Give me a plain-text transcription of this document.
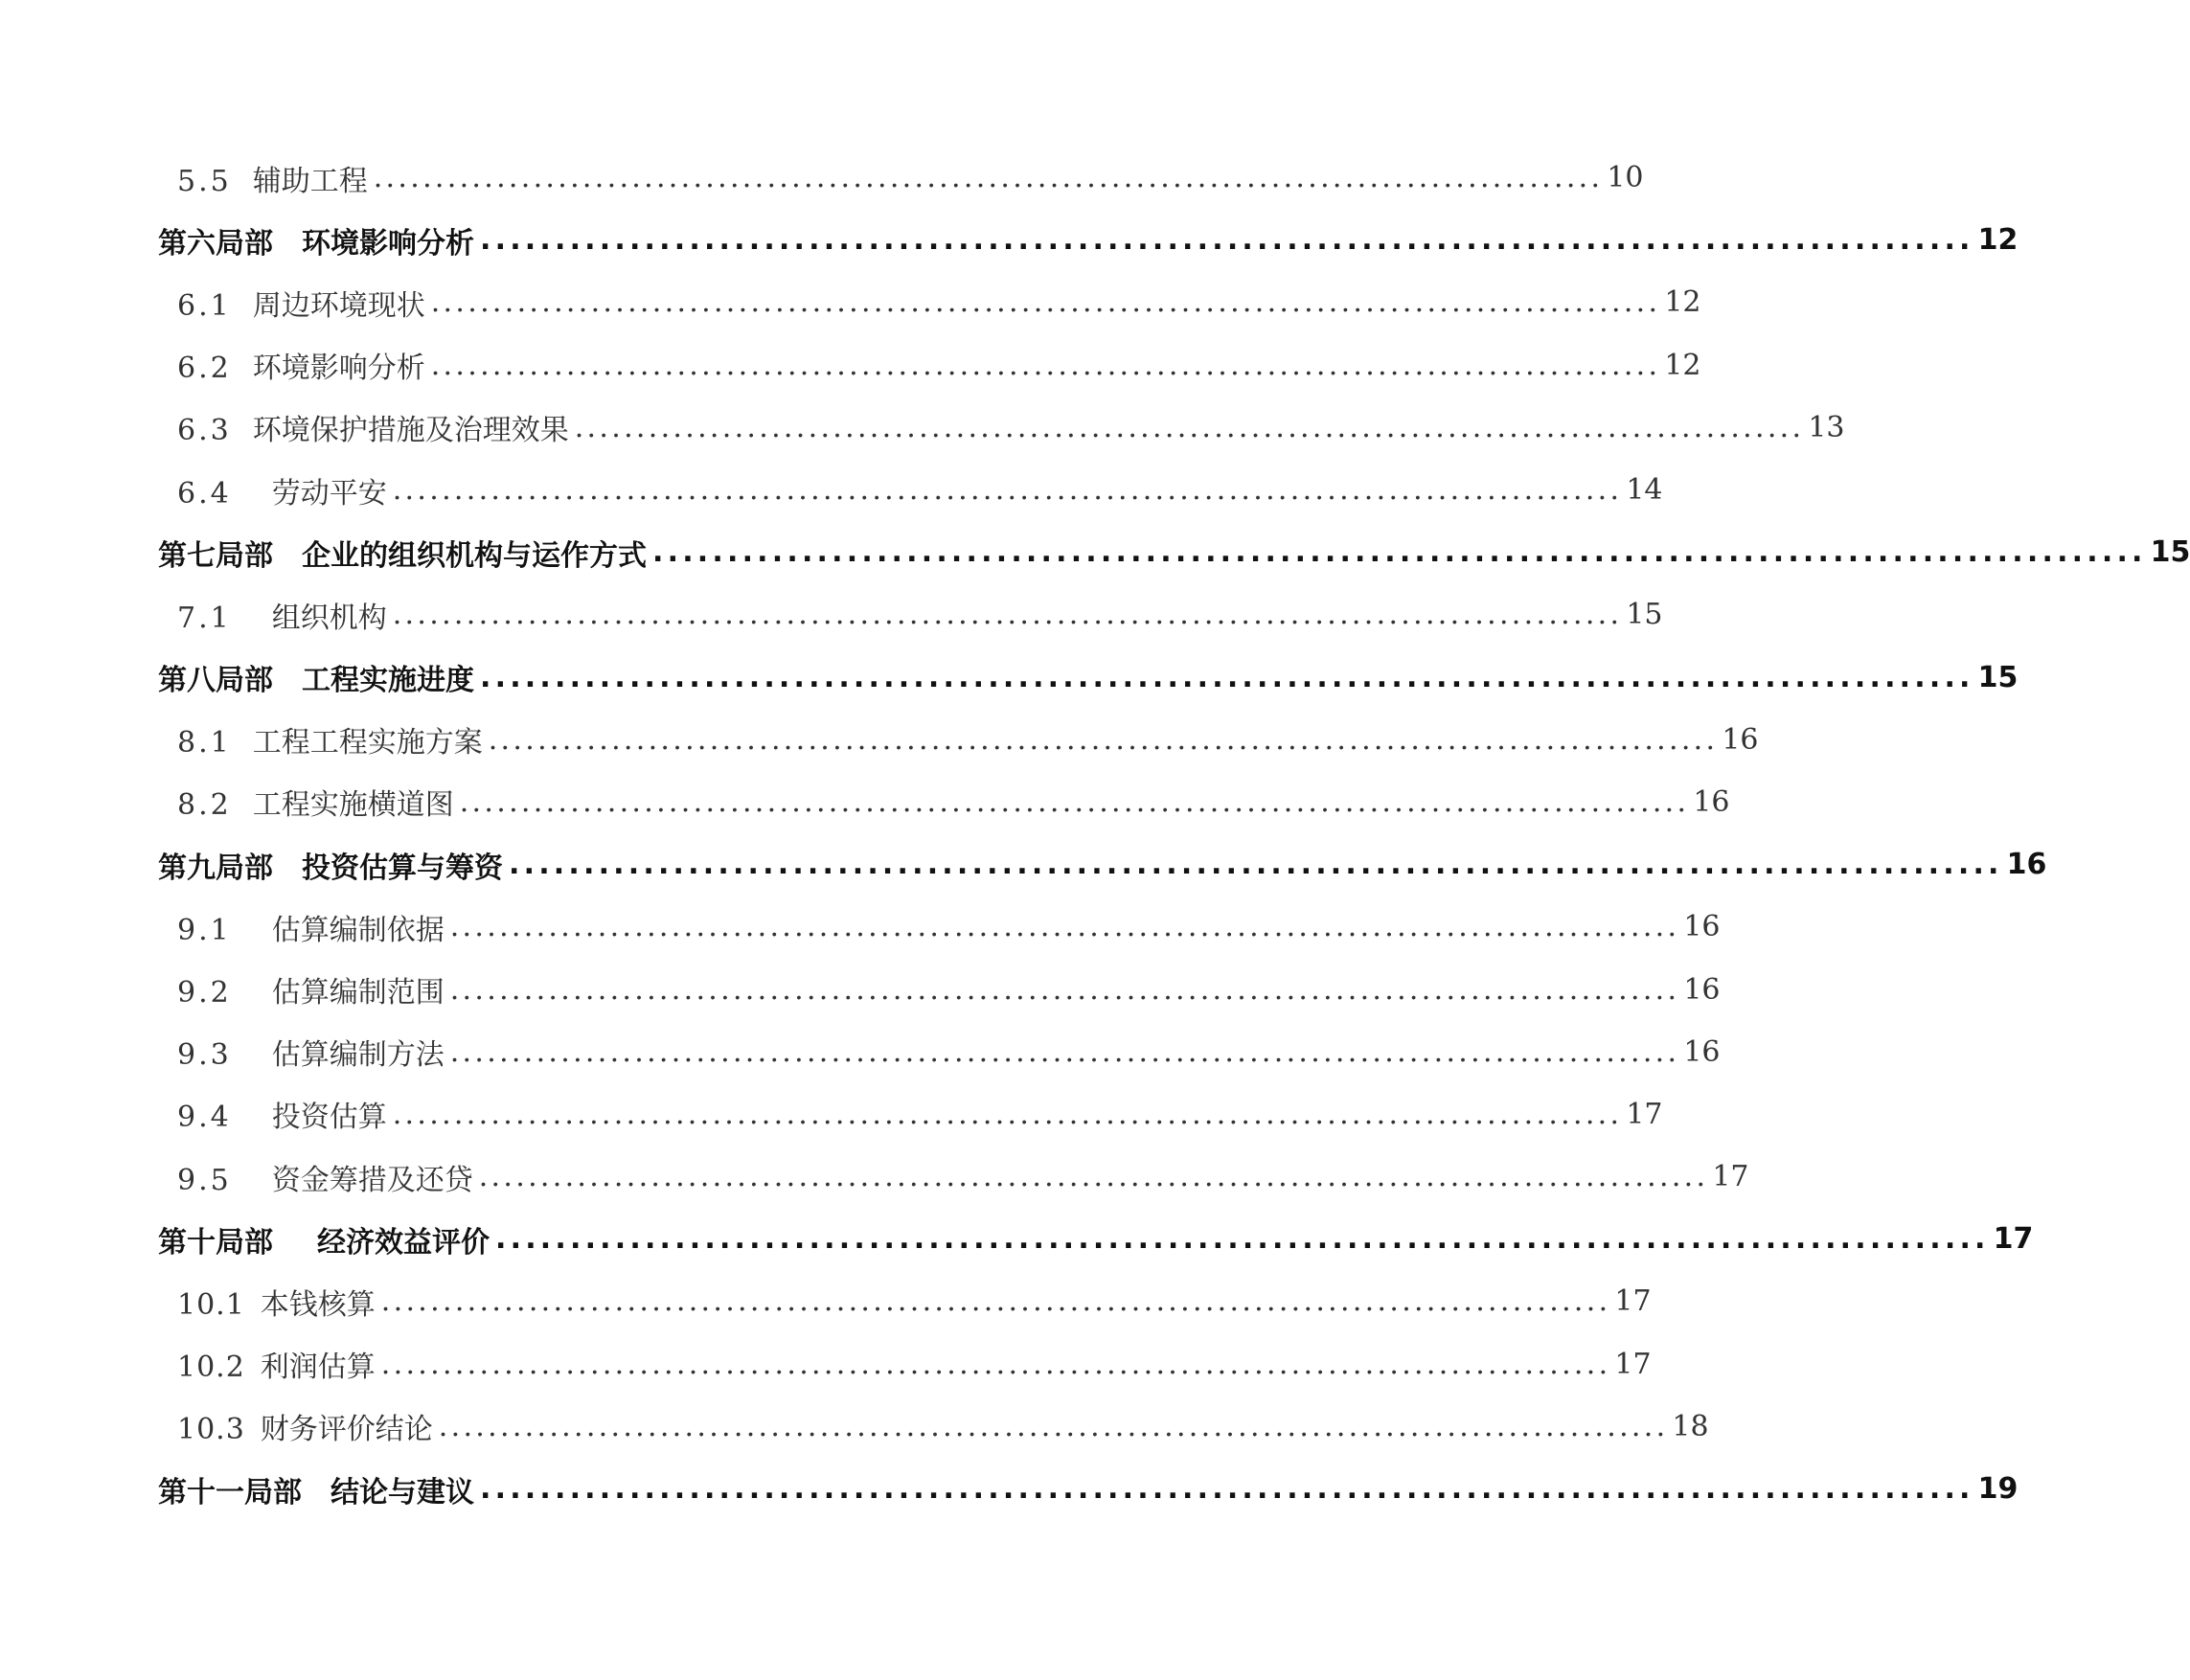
5.5 辅助工程 .................................................................................................... 10
第六局部 环境影响分析 .................................................................................................... 12
6.1 周边环境现状 .................................................................................................... 12
6.2 环境影响分析 .................................................................................................... 12
6.3 环境保护措施及治理效果 .................................................................................................... 13
6.4 劳动平安 .................................................................................................... 14
第七局部 企业的组织机构与运作方式 .................................................................................................... 15
7.1 组织机构 .................................................................................................... 15
第八局部 工程实施进度 .................................................................................................... 15
8.1 工程工程实施方案 .................................................................................................... 16
8.2 工程实施横道图 .................................................................................................... 16
第九局部 投资估算与筹资 .................................................................................................... 16
9.1 估算编制依据 .................................................................................................... 16
9.2 估算编制范围 .................................................................................................... 16
9.3 估算编制方法 .................................................................................................... 16
9.4 投资估算 .................................................................................................... 17
9.5 资金筹措及还贷 .................................................................................................... 17
第十局部 经济效益评价 .................................................................................................... 17
10.1 本钱核算 .................................................................................................... 17
10.2 利润估算 .................................................................................................... 17
10.3 财务评价结论 .................................................................................................... 18
第十一局部 结论与建议 .................................................................................................... 19
